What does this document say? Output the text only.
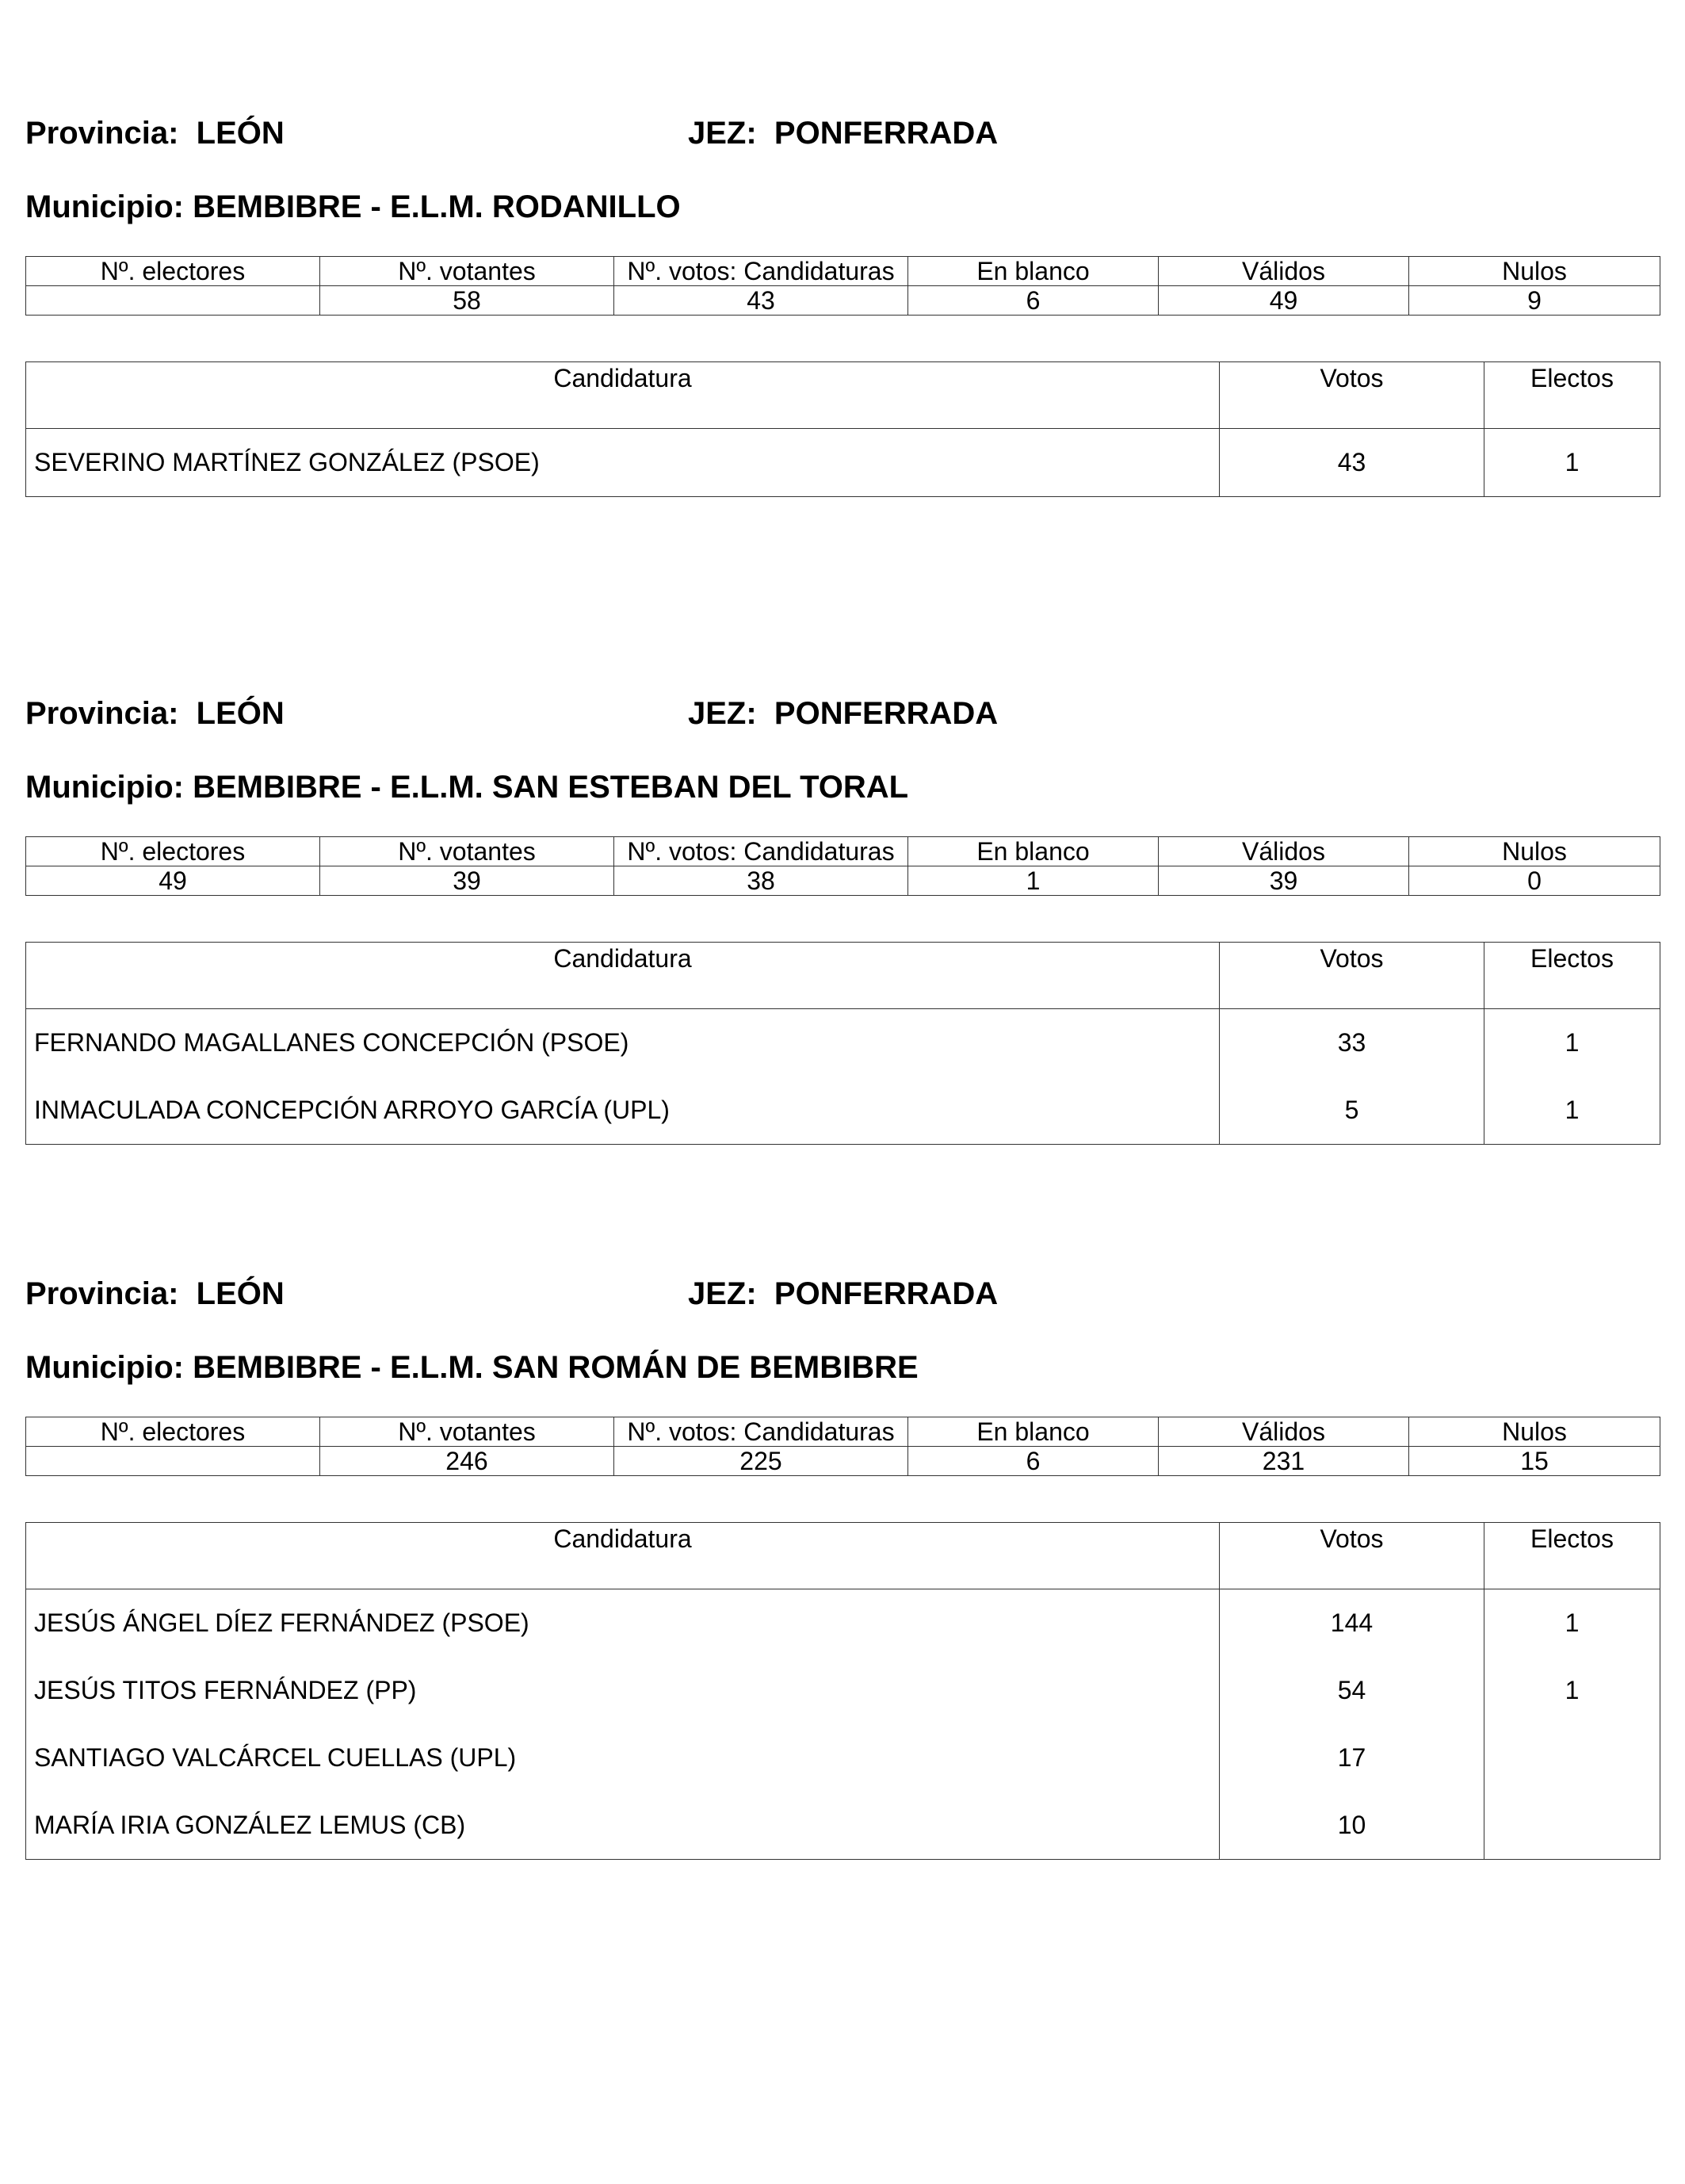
Provincia: LEÓN	JEZ: PONFERRADA
Municipio: BEMBIBRE - E.L.M. RODANILLO
Nº. electores	Nº. votantes	Nº. votos: Candidaturas	En blanco	Válidos	Nulos
	58	43	6	49	9
Candidatura	Votos	Electos
SEVERINO MARTÍNEZ GONZÁLEZ (PSOE)	43	1
Provincia: LEÓN	JEZ: PONFERRADA
Municipio: BEMBIBRE - E.L.M. SAN ESTEBAN DEL TORAL
Nº. electores	Nº. votantes	Nº. votos: Candidaturas	En blanco	Válidos	Nulos
49	39	38	1	39	0
Candidatura	Votos	Electos
FERNANDO MAGALLANES CONCEPCIÓN (PSOE)	33	1
INMACULADA CONCEPCIÓN ARROYO GARCÍA (UPL)	5	1
Provincia: LEÓN	JEZ: PONFERRADA
Municipio: BEMBIBRE - E.L.M. SAN ROMÁN DE BEMBIBRE
Nº. electores	Nº. votantes	Nº. votos: Candidaturas	En blanco	Válidos	Nulos
	246	225	6	231	15
Candidatura	Votos	Electos
JESÚS ÁNGEL DÍEZ FERNÁNDEZ (PSOE)	144	1
JESÚS TITOS FERNÁNDEZ (PP)	54	1
SANTIAGO VALCÁRCEL CUELLAS (UPL)	17	
MARÍA IRIA GONZÁLEZ LEMUS (CB)	10	
